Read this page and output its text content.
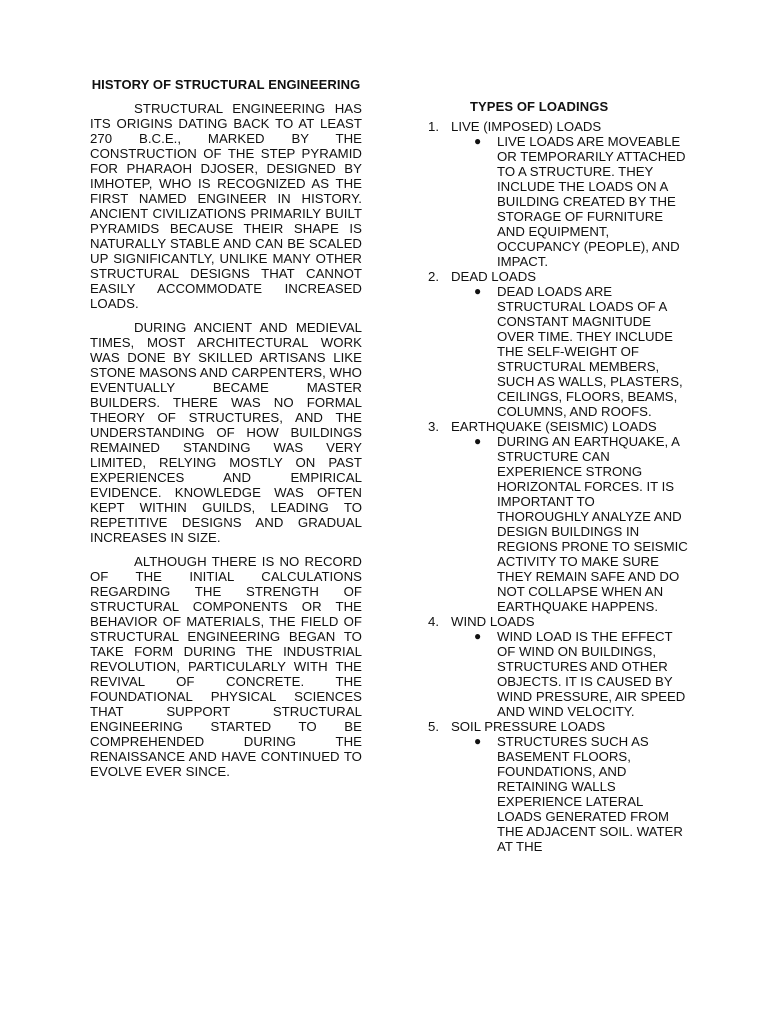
HISTORY OF STRUCTURAL ENGINEERING

STRUCTURAL ENGINEERING HAS ITS ORIGINS DATING BACK TO AT LEAST 270 B.C.E., MARKED BY THE CONSTRUCTION OF THE STEP PYRAMID FOR PHARAOH DJOSER, DESIGNED BY IMHOTEP, WHO IS RECOGNIZED AS THE FIRST NAMED ENGINEER IN HISTORY. ANCIENT CIVILIZATIONS PRIMARILY BUILT PYRAMIDS BECAUSE THEIR SHAPE IS NATURALLY STABLE AND CAN BE SCALED UP SIGNIFICANTLY, UNLIKE MANY OTHER STRUCTURAL DESIGNS THAT CANNOT EASILY ACCOMMODATE INCREASED LOADS.

DURING ANCIENT AND MEDIEVAL TIMES, MOST ARCHITECTURAL WORK WAS DONE BY SKILLED ARTISANS LIKE STONE MASONS AND CARPENTERS, WHO EVENTUALLY BECAME MASTER BUILDERS. THERE WAS NO FORMAL THEORY OF STRUCTURES, AND THE UNDERSTANDING OF HOW BUILDINGS REMAINED STANDING WAS VERY LIMITED, RELYING MOSTLY ON PAST EXPERIENCES AND EMPIRICAL EVIDENCE. KNOWLEDGE WAS OFTEN KEPT WITHIN GUILDS, LEADING TO REPETITIVE DESIGNS AND GRADUAL INCREASES IN SIZE.

ALTHOUGH THERE IS NO RECORD OF THE INITIAL CALCULATIONS REGARDING THE STRENGTH OF STRUCTURAL COMPONENTS OR THE BEHAVIOR OF MATERIALS, THE FIELD OF STRUCTURAL ENGINEERING BEGAN TO TAKE FORM DURING THE INDUSTRIAL REVOLUTION, PARTICULARLY WITH THE REVIVAL OF CONCRETE. THE FOUNDATIONAL PHYSICAL SCIENCES THAT SUPPORT STRUCTURAL ENGINEERING STARTED TO BE COMPREHENDED DURING THE RENAISSANCE AND HAVE CONTINUED TO EVOLVE EVER SINCE.

TYPES OF LOADINGS
1. LIVE (IMPOSED) LOADS
● LIVE LOADS ARE MOVEABLE OR TEMPORARILY ATTACHED TO A STRUCTURE. THEY INCLUDE THE LOADS ON A BUILDING CREATED BY THE STORAGE OF FURNITURE AND EQUIPMENT, OCCUPANCY (PEOPLE), AND IMPACT.
2. DEAD LOADS
● DEAD LOADS ARE STRUCTURAL LOADS OF A CONSTANT MAGNITUDE OVER TIME. THEY INCLUDE THE SELF-WEIGHT OF STRUCTURAL MEMBERS, SUCH AS WALLS, PLASTERS, CEILINGS, FLOORS, BEAMS, COLUMNS, AND ROOFS.
3. EARTHQUAKE (SEISMIC) LOADS
● DURING AN EARTHQUAKE, A STRUCTURE CAN EXPERIENCE STRONG HORIZONTAL FORCES. IT IS IMPORTANT TO THOROUGHLY ANALYZE AND DESIGN BUILDINGS IN REGIONS PRONE TO SEISMIC ACTIVITY TO MAKE SURE THEY REMAIN SAFE AND DO NOT COLLAPSE WHEN AN EARTHQUAKE HAPPENS.
4. WIND LOADS
● WIND LOAD IS THE EFFECT OF WIND ON BUILDINGS, STRUCTURES AND OTHER OBJECTS. IT IS CAUSED BY WIND PRESSURE, AIR SPEED AND WIND VELOCITY.
5. SOIL PRESSURE LOADS
● STRUCTURES SUCH AS BASEMENT FLOORS, FOUNDATIONS, AND RETAINING WALLS EXPERIENCE LATERAL LOADS GENERATED FROM THE ADJACENT SOIL. WATER AT THE
